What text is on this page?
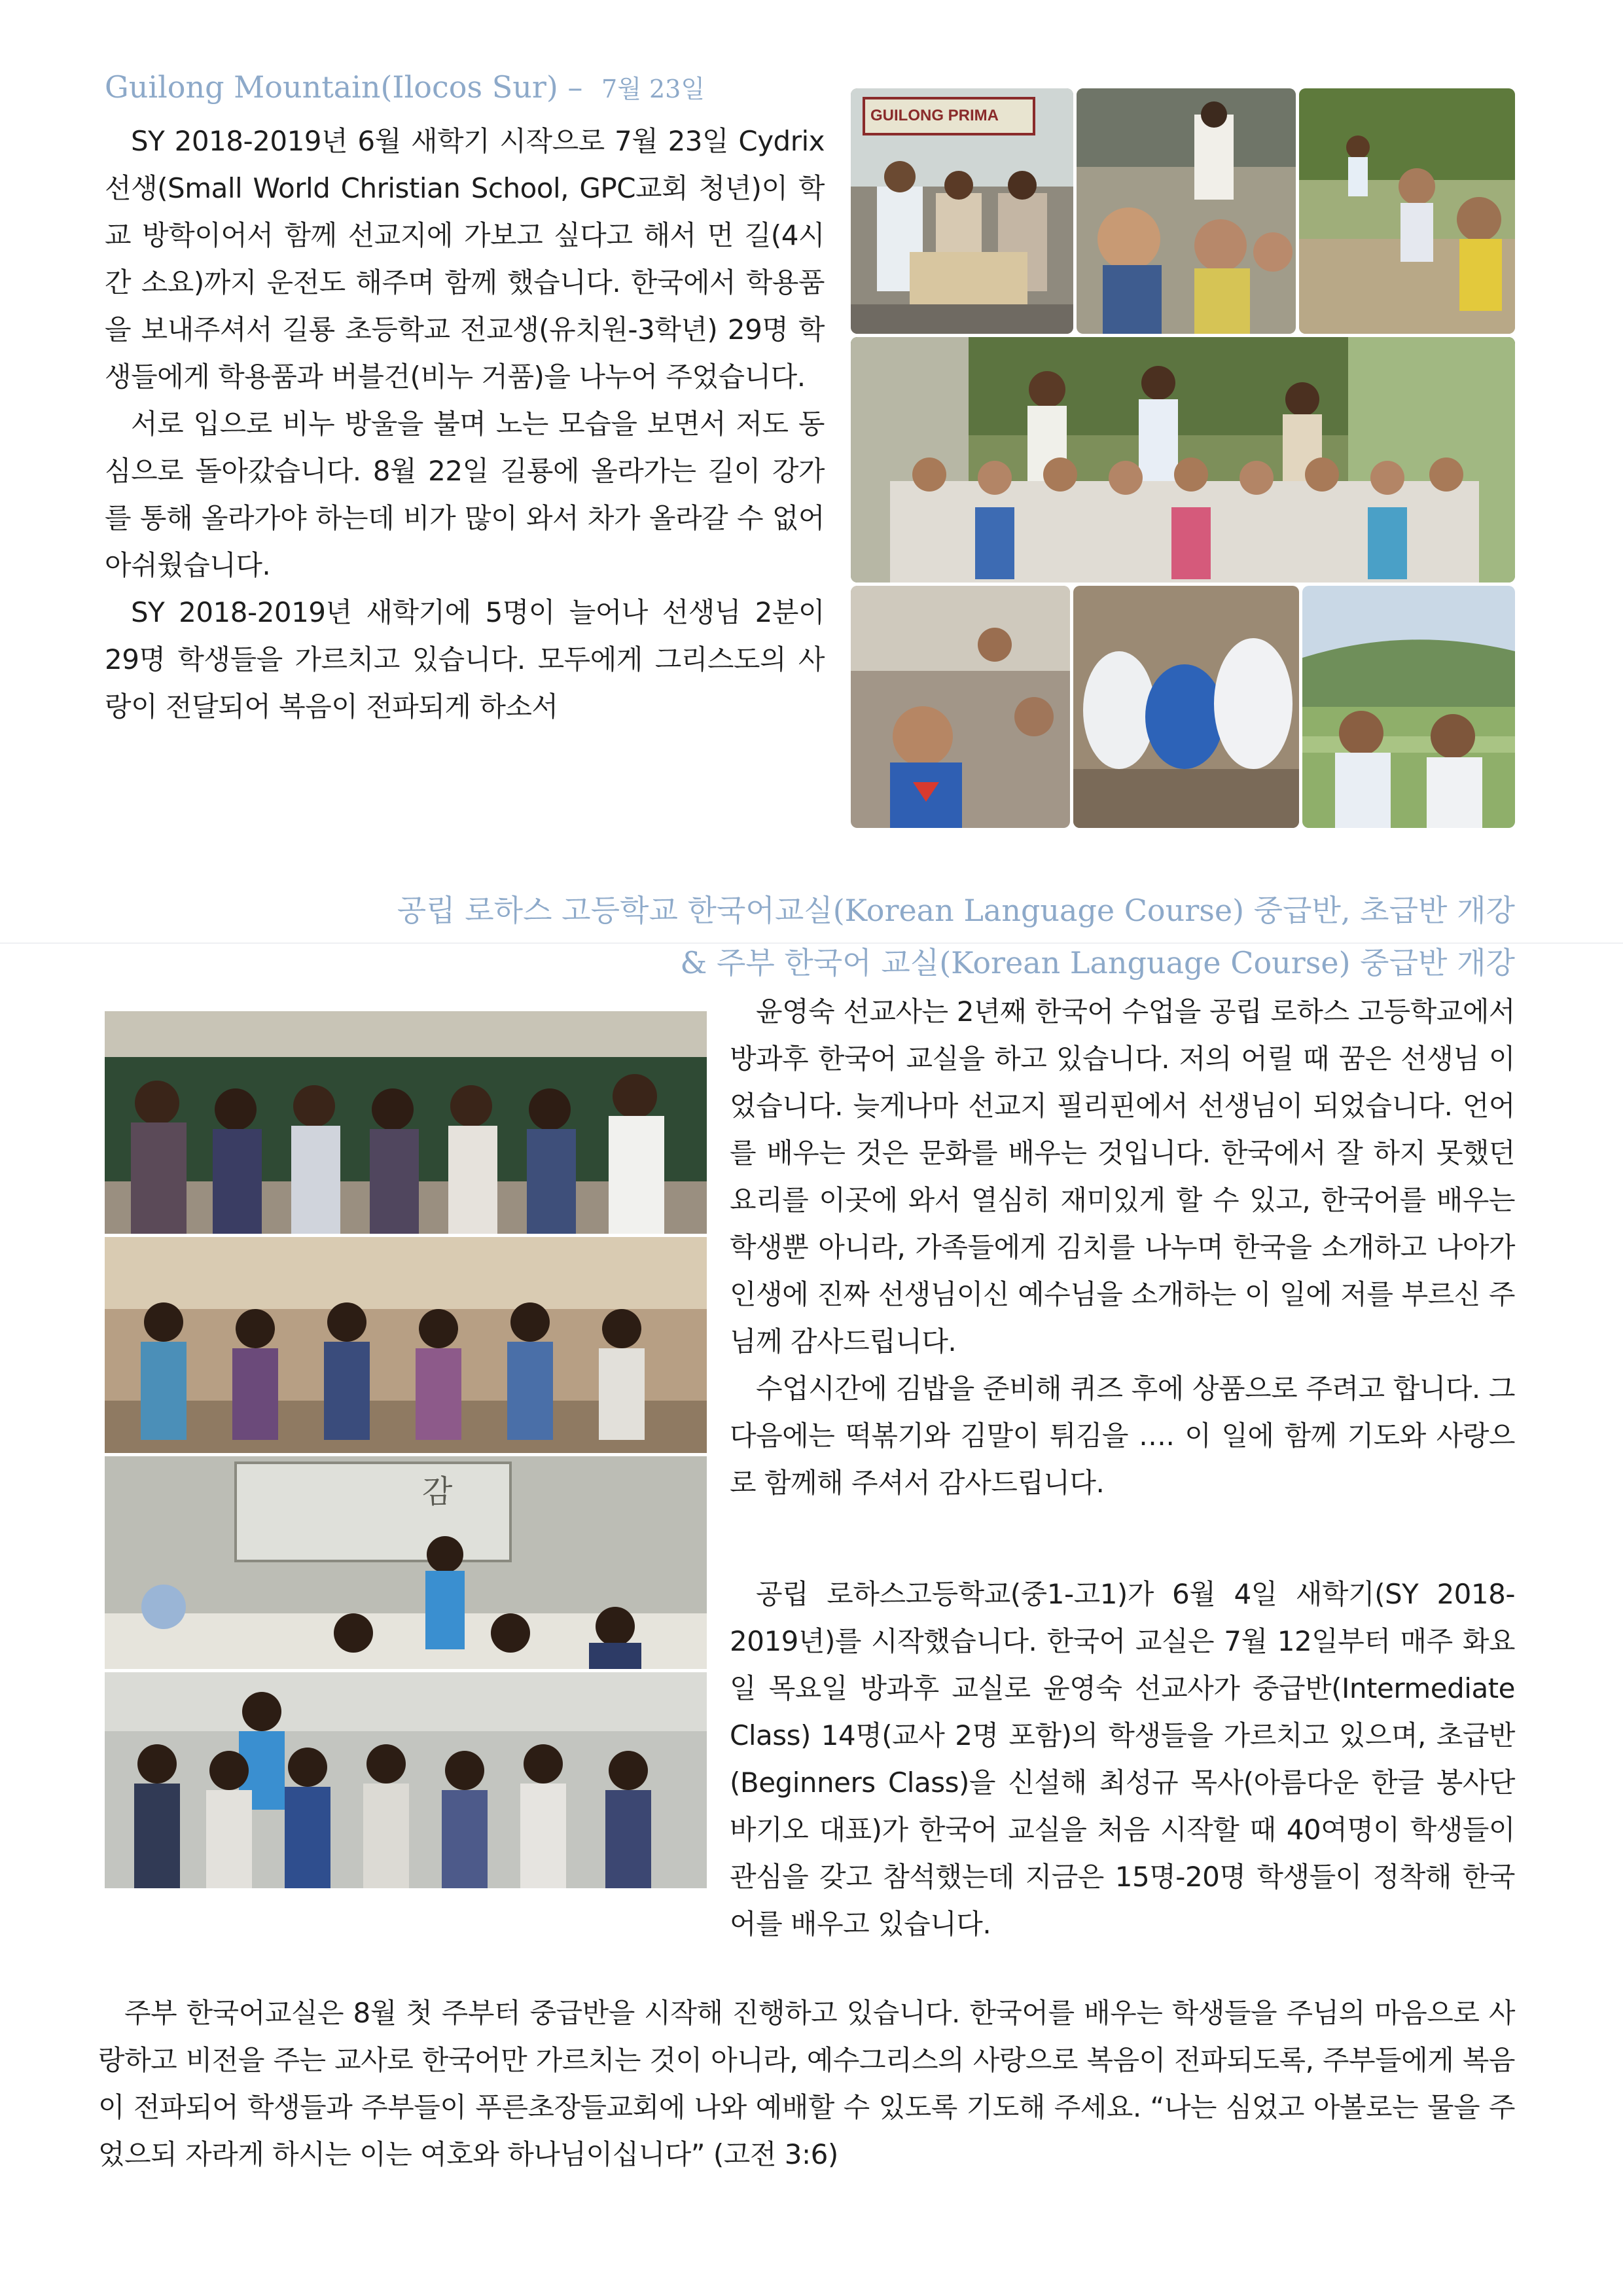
Guilong Mountain(Ilocos Sur) – 7월 23일

SY 2018-2019년 6월 새학기 시작으로 7월 23일 Cydrix 선생(Small World Christian School, GPC교회 청년)이 학교 방학이어서 함께 선교지에 가보고 싶다고 해서 먼 길(4시간 소요)까지 운전도 해주며 함께 했습니다. 한국에서 학용품을 보내주셔서 길룡 초등학교 전교생(유치원-3학년) 29명 학생들에게 학용품과 버블건(비누 거품)을 나누어 주었습니다.

서로 입으로 비누 방울을 불며 노는 모습을 보면서 저도 동심으로 돌아갔습니다. 8월 22일 길룡에 올라가는 길이 강가를 통해 올라가야 하는데 비가 많이 와서 차가 올라갈 수 없어 아쉬웠습니다.

SY 2018-2019년 새학기에 5명이 늘어나 선생님 2분이 29명 학생들을 가르치고 있습니다. 모두에게 그리스도의 사랑이 전달되어 복음이 전파되게 하소서

GUILONG PRIMA
공립 로하스 고등학교 한국어교실(Korean Language Course) 중급반, 초급반 개강
& 주부 한국어 교실(Korean Language Course) 중급반 개강
감

윤영숙 선교사는 2년째 한국어 수업을 공립 로하스 고등학교에서 방과후 한국어 교실을 하고 있습니다. 저의 어릴 때 꿈은 선생님 이었습니다. 늦게나마 선교지 필리핀에서 선생님이 되었습니다. 언어를 배우는 것은 문화를 배우는 것입니다. 한국에서 잘 하지 못했던 요리를 이곳에 와서 열심히 재미있게 할 수 있고, 한국어를 배우는 학생뿐 아니라, 가족들에게 김치를 나누며 한국을 소개하고 나아가 인생에 진짜 선생님이신 예수님을 소개하는 이 일에 저를 부르신 주님께 감사드립니다.

수업시간에 김밥을 준비해 퀴즈 후에 상품으로 주려고 합니다. 그 다음에는 떡볶기와 김말이 튀김을 …. 이 일에 함께 기도와 사랑으로 함께해 주셔서 감사드립니다.

공립 로하스고등학교(중1-고1)가 6월 4일 새학기(SY 2018-2019년)를 시작했습니다. 한국어 교실은 7월 12일부터 매주 화요일 목요일 방과후 교실로 윤영숙 선교사가 중급반(Intermediate Class) 14명(교사 2명 포함)의 학생들을 가르치고 있으며, 초급반(Beginners Class)을 신설해 최성규 목사(아름다운 한글 봉사단 바기오 대표)가 한국어 교실을 처음 시작할 때 40여명이 학생들이 관심을 갖고 참석했는데 지금은 15명-20명 학생들이 정착해 한국어를 배우고 있습니다.

주부 한국어교실은 8월 첫 주부터 중급반을 시작해 진행하고 있습니다. 한국어를 배우는 학생들을 주님의 마음으로 사랑하고 비전을 주는 교사로 한국어만 가르치는 것이 아니라, 예수그리스의 사랑으로 복음이 전파되도록, 주부들에게 복음이 전파되어 학생들과 주부들이 푸른초장들교회에 나와 예배할 수 있도록 기도해 주세요. “나는 심었고 아볼로는 물을 주었으되 자라게 하시는 이는 여호와 하나님이십니다” (고전 3:6)
